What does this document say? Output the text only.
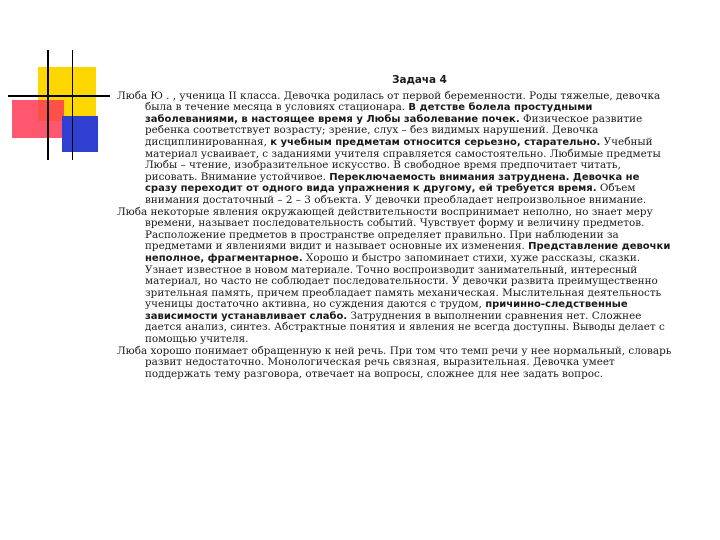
Задача 4

Люба Ю . , ученица II класса. Девочка родилась от первой беременности. Роды тяжелые, девочка была в течение месяца в условиях стационара. В детстве болела простудными заболеваниями, в настоящее время у Любы заболевание почек. Физическое развитие ребенка соответствует возрасту; зрение, слух – без видимых нарушений. Девочка дисциплинированная, к учебным предметам относится серьезно, старательно. Учебный материал усваивает, с заданиями учителя справляется самостоятельно. Любимые предметы Любы – чтение, изобразительное искусство. В свободное время предпочитает читать, рисовать. Внимание устойчивое. Переключаемость внимания затруднена. Девочка не сразу переходит от одного вида упражнения к другому, ей требуется время. Объем внимания достаточный – 2 – 3 объекта. У девочки преобладает непроизвольное внимание.

Люба некоторые явления окружающей действительности воспринимает неполно, но знает меру времени, называет последовательность событий. Чувствует форму и величину предметов. Расположение предметов в пространстве определяет правильно. При наблюдении за предметами и явлениями видит и называет основные их изменения. Представление девочки неполное, фрагментарное. Хорошо и быстро запоминает стихи, хуже рассказы, сказки. Узнает известное в новом материале. Точно воспроизводит занимательный, интересный материал, но часто не соблюдает последовательности. У девочки развита преимущественно зрительная память, причем преобладает память механическая. Мыслительная деятельность ученицы достаточно активна, но суждения даются с трудом, причинно-следственные зависимости устанавливает слабо. Затруднения в выполнении сравнения нет. Сложнее дается анализ, синтез. Абстрактные понятия и явления не всегда доступны. Выводы делает с помощью учителя.

Люба хорошо понимает обращенную к ней речь. При том что темп речи у нее нормальный, словарь развит недостаточно. Монологическая речь связная, выразительная. Девочка умеет поддержать тему разговора, отвечает на вопросы, сложнее для нее задать вопрос.
